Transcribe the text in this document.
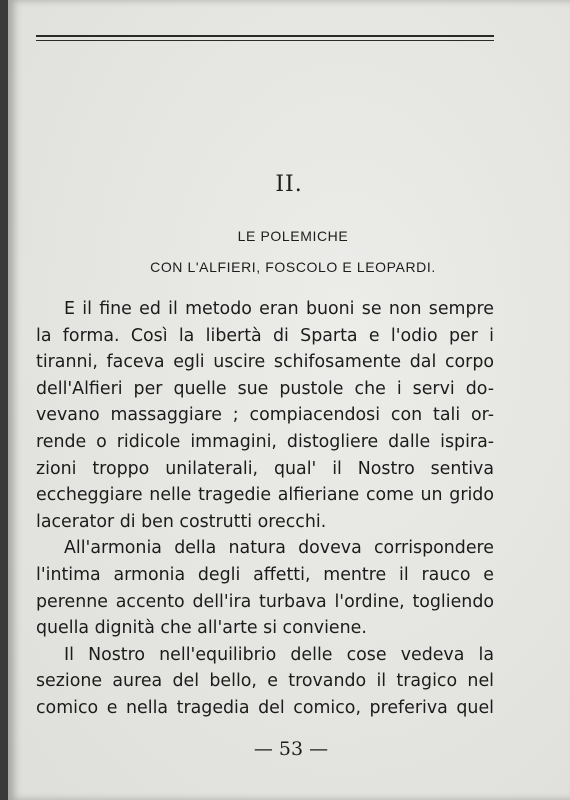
II.
LE POLEMICHE
CON L'ALFIERI, FOSCOLO E LEOPARDI.
E il fine ed il metodo eran buoni se non sempre
la forma. Così la libertà di Sparta e l'odio per i
tiranni, faceva egli uscire schifosamente dal corpo
dell'Alfieri per quelle sue pustole che i servi do-
vevano massaggiare ; compiacendosi con tali or-
rende o ridicole immagini, distogliere dalle ispira-
zioni troppo unilaterali, qual' il Nostro sentiva
eccheggiare nelle tragedie alfieriane come un grido
lacerator di ben costrutti orecchi.
All'armonia della natura doveva corrispondere
l'intima armonia degli affetti, mentre il rauco e
perenne accento dell'ira turbava l'ordine, togliendo
quella dignità che all'arte si conviene.
Il Nostro nell'equilibrio delle cose vedeva la
sezione aurea del bello, e trovando il tragico nel
comico e nella tragedia del comico, preferiva quel
— 53 —
